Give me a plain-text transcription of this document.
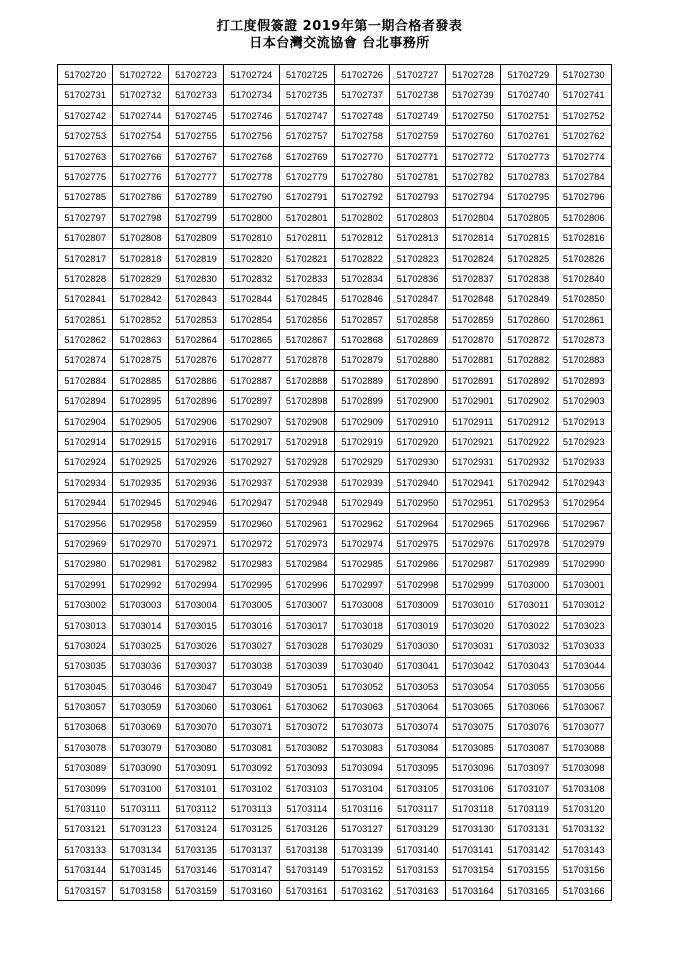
打工度假簽證 2019年第一期合格者發表
日本台灣交流協會 台北事務所
51702720	51702722	51702723	51702724	51702725	51702726	51702727	51702728	51702729	51702730
51702731	51702732	51702733	51702734	51702735	51702737	51702738	51702739	51702740	51702741
51702742	51702744	51702745	51702746	51702747	51702748	51702749	51702750	51702751	51702752
51702753	51702754	51702755	51702756	51702757	51702758	51702759	51702760	51702761	51702762
51702763	51702766	51702767	51702768	51702769	51702770	51702771	51702772	51702773	51702774
51702775	51702776	51702777	51702778	51702779	51702780	51702781	51702782	51702783	51702784
51702785	51702786	51702789	51702790	51702791	51702792	51702793	51702794	51702795	51702796
51702797	51702798	51702799	51702800	51702801	51702802	51702803	51702804	51702805	51702806
51702807	51702808	51702809	51702810	51702811	51702812	51702813	51702814	51702815	51702816
51702817	51702818	51702819	51702820	51702821	51702822	51702823	51702824	51702825	51702826
51702828	51702829	51702830	51702832	51702833	51702834	51702836	51702837	51702838	51702840
51702841	51702842	51702843	51702844	51702845	51702846	51702847	51702848	51702849	51702850
51702851	51702852	51702853	51702854	51702856	51702857	51702858	51702859	51702860	51702861
51702862	51702863	51702864	51702865	51702867	51702868	51702869	51702870	51702872	51702873
51702874	51702875	51702876	51702877	51702878	51702879	51702880	51702881	51702882	51702883
51702884	51702885	51702886	51702887	51702888	51702889	51702890	51702891	51702892	51702893
51702894	51702895	51702896	51702897	51702898	51702899	51702900	51702901	51702902	51702903
51702904	51702905	51702906	51702907	51702908	51702909	51702910	51702911	51702912	51702913
51702914	51702915	51702916	51702917	51702918	51702919	51702920	51702921	51702922	51702923
51702924	51702925	51702926	51702927	51702928	51702929	51702930	51702931	51702932	51702933
51702934	51702935	51702936	51702937	51702938	51702939	51702940	51702941	51702942	51702943
51702944	51702945	51702946	51702947	51702948	51702949	51702950	51702951	51702953	51702954
51702956	51702958	51702959	51702960	51702961	51702962	51702964	51702965	51702966	51702967
51702969	51702970	51702971	51702972	51702973	51702974	51702975	51702976	51702978	51702979
51702980	51702981	51702982	51702983	51702984	51702985	51702986	51702987	51702989	51702990
51702991	51702992	51702994	51702995	51702996	51702997	51702998	51702999	51703000	51703001
51703002	51703003	51703004	51703005	51703007	51703008	51703009	51703010	51703011	51703012
51703013	51703014	51703015	51703016	51703017	51703018	51703019	51703020	51703022	51703023
51703024	51703025	51703026	51703027	51703028	51703029	51703030	51703031	51703032	51703033
51703035	51703036	51703037	51703038	51703039	51703040	51703041	51703042	51703043	51703044
51703045	51703046	51703047	51703049	51703051	51703052	51703053	51703054	51703055	51703056
51703057	51703059	51703060	51703061	51703062	51703063	51703064	51703065	51703066	51703067
51703068	51703069	51703070	51703071	51703072	51703073	51703074	51703075	51703076	51703077
51703078	51703079	51703080	51703081	51703082	51703083	51703084	51703085	51703087	51703088
51703089	51703090	51703091	51703092	51703093	51703094	51703095	51703096	51703097	51703098
51703099	51703100	51703101	51703102	51703103	51703104	51703105	51703106	51703107	51703108
51703110	51703111	51703112	51703113	51703114	51703116	51703117	51703118	51703119	51703120
51703121	51703123	51703124	51703125	51703126	51703127	51703129	51703130	51703131	51703132
51703133	51703134	51703135	51703137	51703138	51703139	51703140	51703141	51703142	51703143
51703144	51703145	51703146	51703147	51703149	51703152	51703153	51703154	51703155	51703156
51703157	51703158	51703159	51703160	51703161	51703162	51703163	51703164	51703165	51703166
